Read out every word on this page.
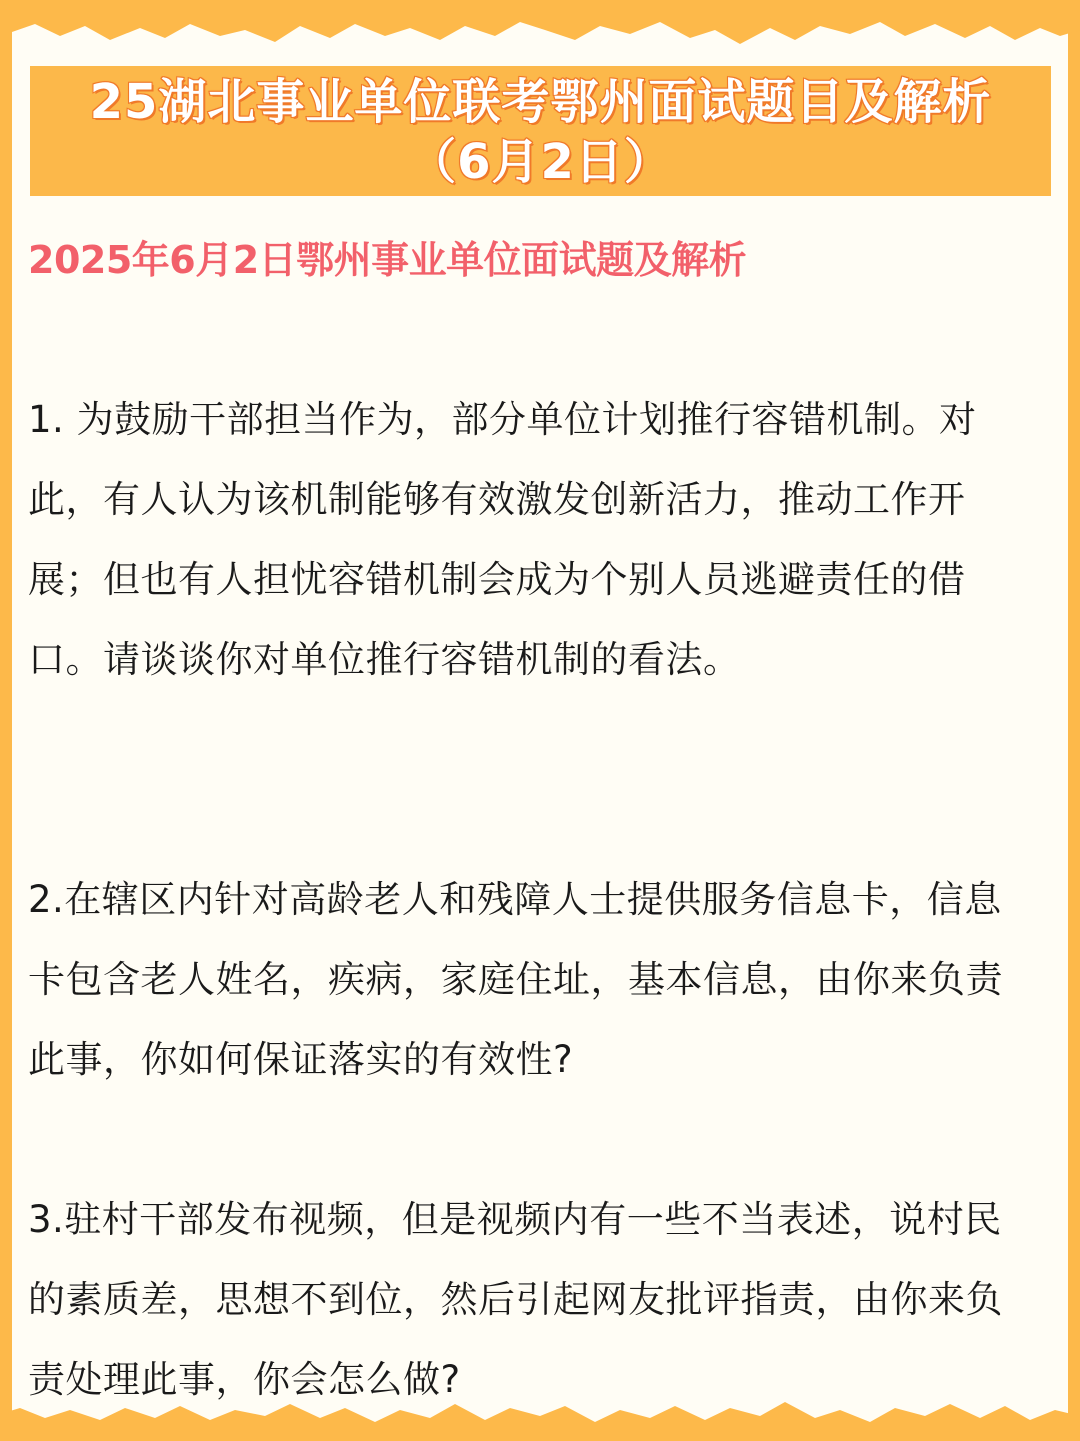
25湖北事业单位联考鄂州面试题目及解析
（6月2日）
2025年6月2日鄂州事业单位面试题及解析

1. 为鼓励干部担当作为，部分单位计划推行容错机制。对此，有人认为该机制能够有效激发创新活力，推动工作开展；但也有人担忧容错机制会成为个别人员逃避责任的借口。请谈谈你对单位推行容错机制的看法。

2.在辖区内针对高龄老人和残障人士提供服务信息卡，信息卡包含老人姓名，疾病，家庭住址，基本信息，由你来负责此事，你如何保证落实的有效性?

3.驻村干部发布视频，但是视频内有一些不当表述，说村民的素质差，思想不到位，然后引起网友批评指责，由你来负责处理此事，你会怎么做?
